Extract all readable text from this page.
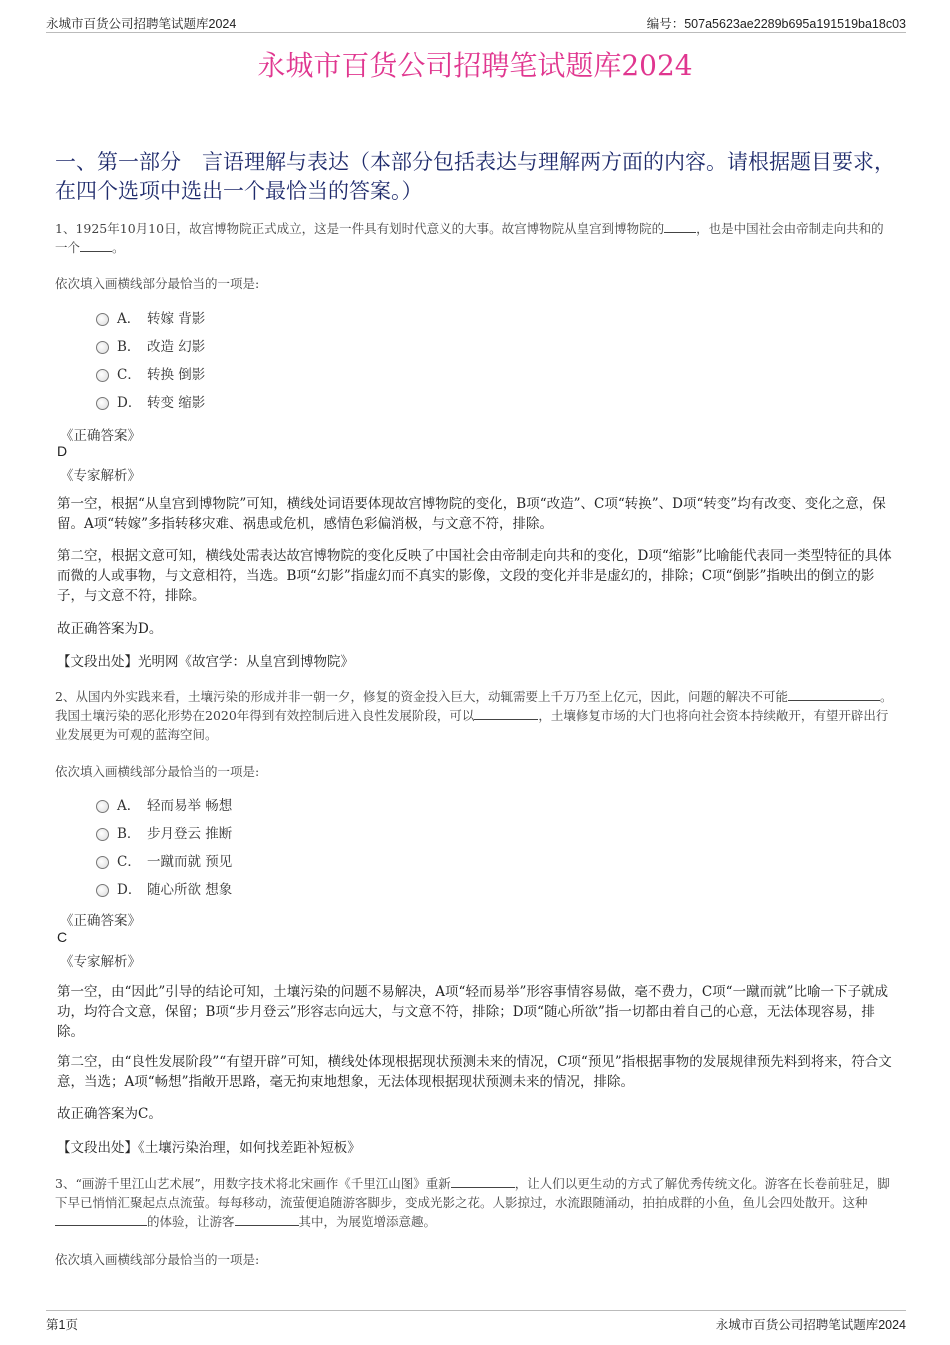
永城市百货公司招聘笔试题库2024	编号：507a5623ae2289b695a191519ba18c03
永城市百货公司招聘笔试题库2024
一、第一部分　言语理解与表达（本部分包括表达与理解两方面的内容。请根据题目要求，在四个选项中选出一个最恰当的答案。）
1、1925年10月10日，故宫博物院正式成立，这是一件具有划时代意义的大事。故宫博物院从皇宫到博物院的	，也是中国社会由帝制走向共和的一个	。
依次填入画横线部分最恰当的一项是:
A． 转嫁 背影
B． 改造 幻影
C． 转换 倒影
D． 转变 缩影
《正确答案》
D
《专家解析》
第一空，根据“从皇宫到博物院”可知，横线处词语要体现故宫博物院的变化，B项“改造”、C项“转换”、D项“转变”均有改变、变化之意，保留。A项“转嫁”多指转移灾难、祸患或危机，感情色彩偏消极，与文意不符，排除。
第二空，根据文意可知，横线处需表达故宫博物院的变化反映了中国社会由帝制走向共和的变化，D项“缩影”比喻能代表同一类型特征的具体而微的人或事物，与文意相符，当选。B项“幻影”指虚幻而不真实的影像，文段的变化并非是虚幻的，排除；C项“倒影”指映出的倒立的影子，与文意不符，排除。
故正确答案为D。
【文段出处】光明网《故宫学：从皇宫到博物院》
2、从国内外实践来看，土壤污染的形成并非一朝一夕，修复的资金投入巨大，动辄需要上千万乃至上亿元，因此，问题的解决不可能	。我国土壤污染的恶化形势在2020年得到有效控制后进入良性发展阶段，可以	，土壤修复市场的大门也将向社会资本持续敞开，有望开辟出行业发展更为可观的蓝海空间。
依次填入画横线部分最恰当的一项是:
A． 轻而易举 畅想
B． 步月登云 推断
C． 一蹴而就 预见
D． 随心所欲 想象
《正确答案》
C
《专家解析》
第一空，由“因此”引导的结论可知，土壤污染的问题不易解决，A项“轻而易举”形容事情容易做，毫不费力，C项“一蹴而就”比喻一下子就成功，均符合文意，保留；B项“步月登云”形容志向远大，与文意不符，排除；D项“随心所欲”指一切都由着自己的心意，无法体现容易，排除。
第二空，由“良性发展阶段”“有望开辟”可知，横线处体现根据现状预测未来的情况，C项“预见”指根据事物的发展规律预先料到将来，符合文意，当选；A项“畅想”指敞开思路，毫无拘束地想象，无法体现根据现状预测未来的情况，排除。
故正确答案为C。
【文段出处】《土壤污染治理，如何找差距补短板》
3、“画游千里江山艺术展”，用数字技术将北宋画作《千里江山图》重新	，让人们以更生动的方式了解优秀传统文化。游客在长卷前驻足，脚下早已悄悄汇聚起点点流萤。每每移动，流萤便追随游客脚步，变成光影之花。人影掠过，水流跟随涌动，拍拍成群的小鱼，鱼儿会四处散开。这种的体验，让游客	其中，为展览增添意趣。
依次填入画横线部分最恰当的一项是:
第1页	永城市百货公司招聘笔试题库2024
